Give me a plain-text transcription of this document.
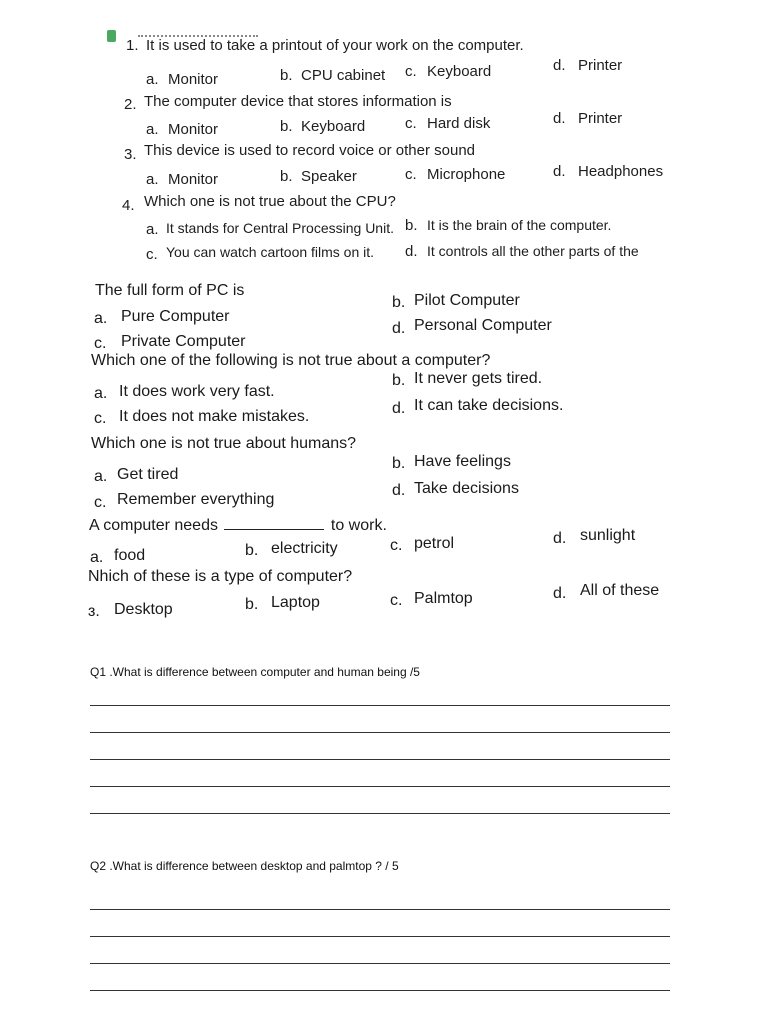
1. It is used to take a printout of your work on the computer.
a. Monitor	b. CPU cabinet c. Keyboard	d. Printer
2. The computer device that stores information is
a. Monitor	b. Keyboard	c. Hard disk	d. Printer
3. This device is used to record voice or other sound
a. Monitor	b. Speaker	c. Microphone	d. Headphones
4. Which one is not true about the CPU?
a. It stands for Central Processing Unit. b. It is the brain of the computer.
c. You can watch cartoon films on it. d. It controls all the other parts of the
The full form of PC is
b. Pilot Computer
a. Pure Computer
d. Personal Computer
c. Private Computer
Which one of the following is not true about a computer?
a. It does work very fast.
b. It never gets tired.
c. It does not make mistakes.	d. It can take decisions.
Which one is not true about humans?
a. Get tired
b. Have feelings
c. Remember everything
d. Take decisions
A computer needs	to work.
a. food	b. electricity	c. petrol	d. sunlight
Nhich of these is a type of computer?
ɜ. Desktop	b. Laptop	c. Palmtop	d. All of these
Q1 .What is difference between computer and human being /5
Q2 .What is difference between desktop and palmtop ? / 5
